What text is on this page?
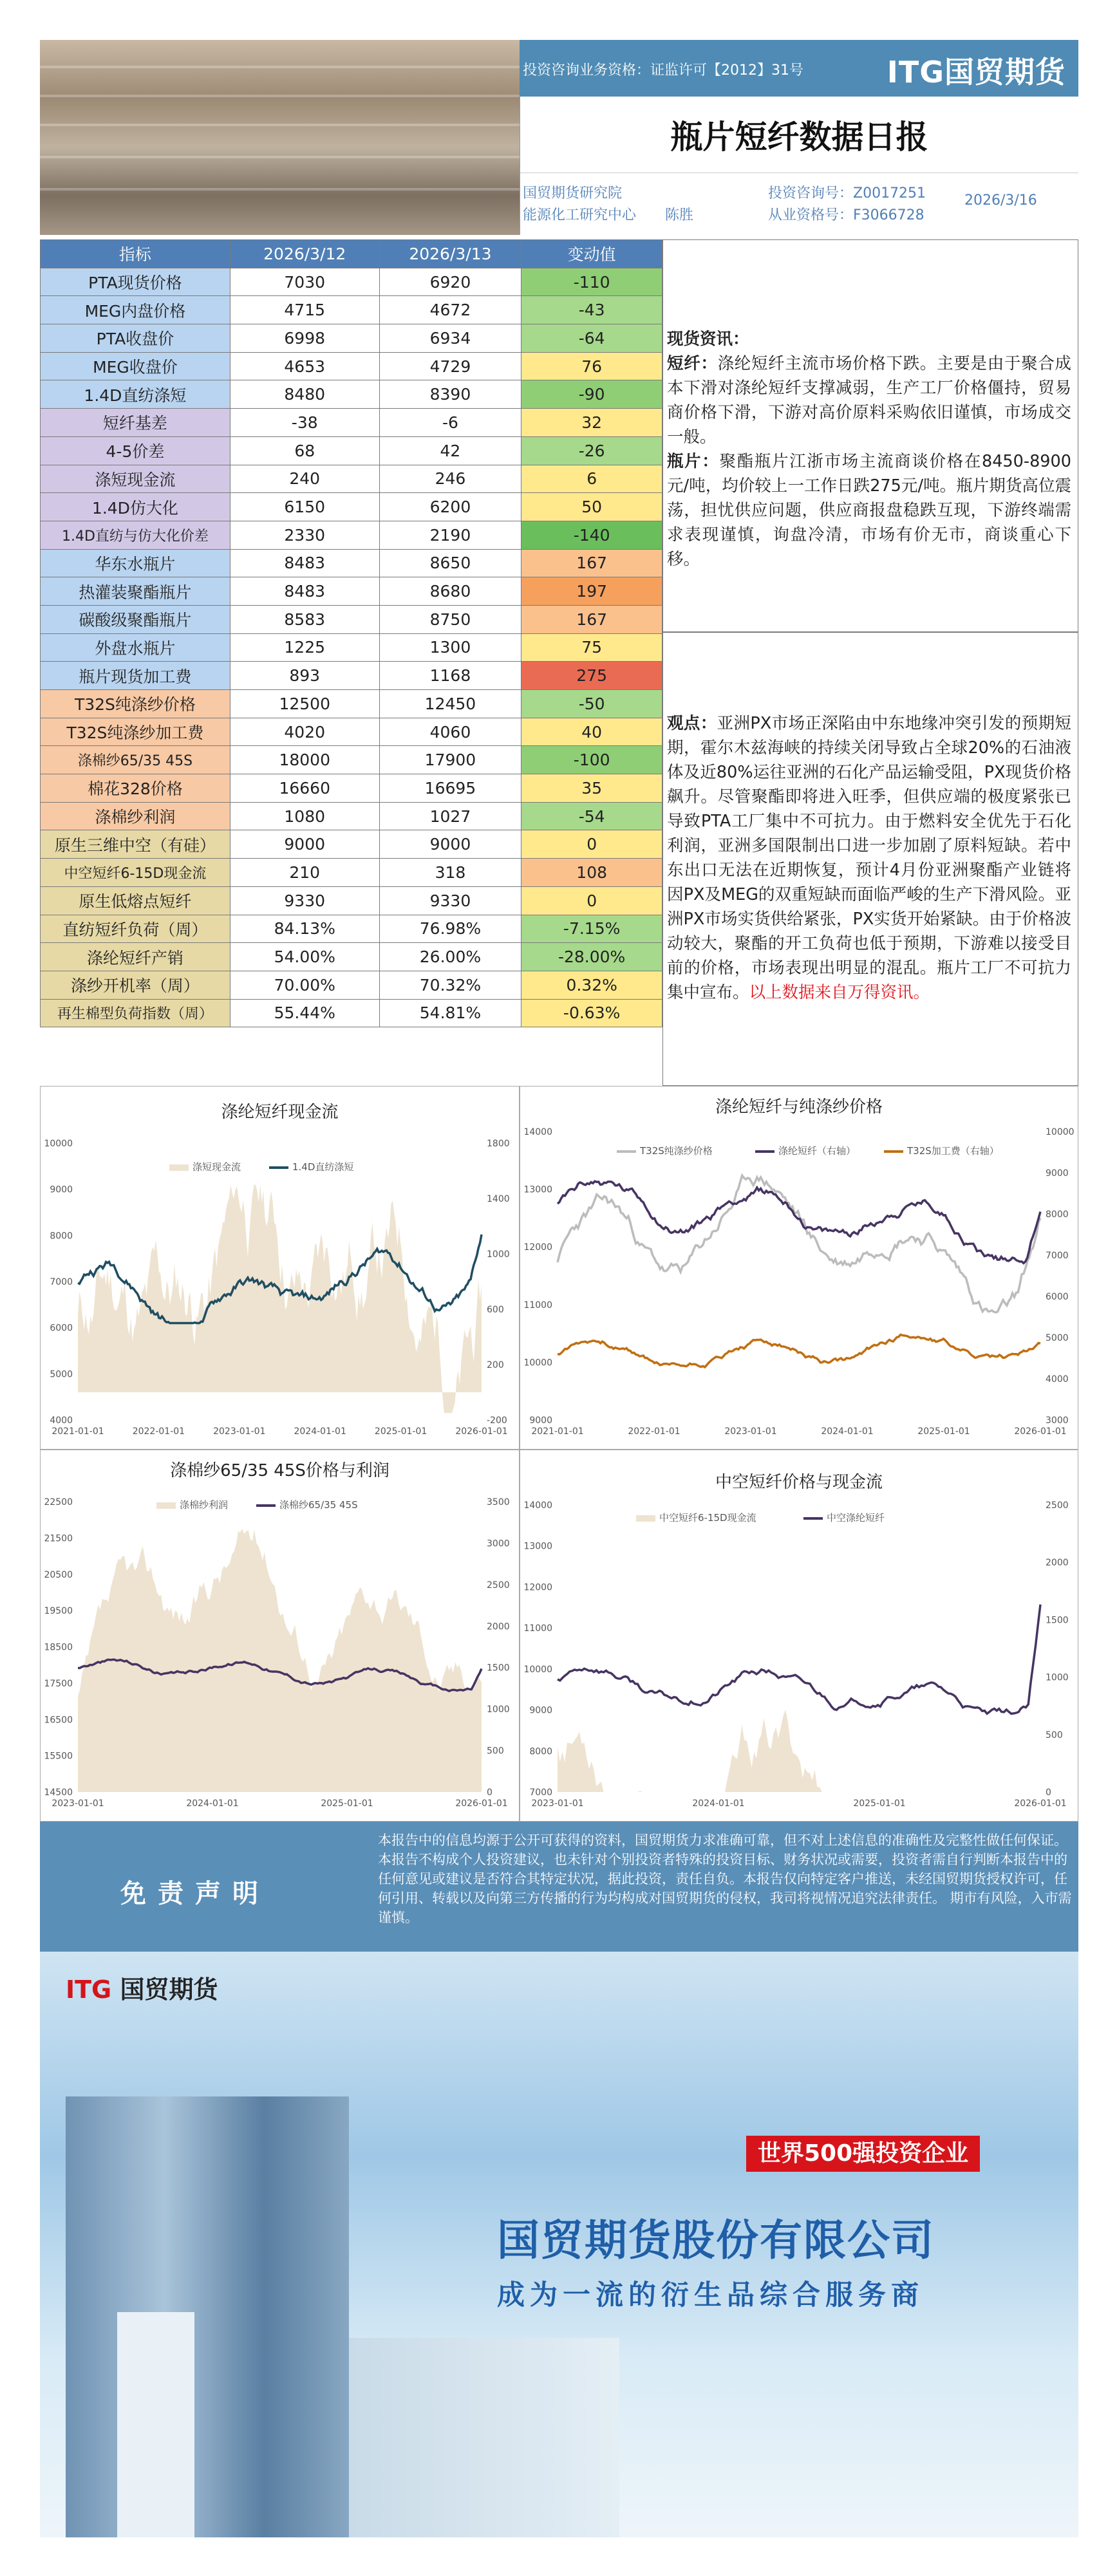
投资咨询业务资格：证监许可【2012】31号	ITG国贸期货
瓶片短纤数据日报
国贸期货研究院
能源化工研究中心 陈胜
投资咨询号：Z0017251
从业资格号：F3066728
2026/3/16
指标	2026/3/12	2026/3/13	变动值
PTA现货价格	7030	6920	-110
MEG内盘价格	4715	4672	-43
PTA收盘价	6998	6934	-64
MEG收盘价	4653	4729	76
1.4D直纺涤短	8480	8390	-90
短纤基差	-38	-6	32
4-5价差	68	42	-26
涤短现金流	240	246	6
1.4D仿大化	6150	6200	50
1.4D直纺与仿大化价差	2330	2190	-140
华东水瓶片	8483	8650	167
热灌装聚酯瓶片	8483	8680	197
碳酸级聚酯瓶片	8583	8750	167
外盘水瓶片	1225	1300	75
瓶片现货加工费	893	1168	275
T32S纯涤纱价格	12500	12450	-50
T32S纯涤纱加工费	4020	4060	40
涤棉纱65/35 45S	18000	17900	-100
棉花328价格	16660	16695	35
涤棉纱利润	1080	1027	-54
原生三维中空（有硅）	9000	9000	0
中空短纤6-15D现金流	210	318	108
原生低熔点短纤	9330	9330	0
直纺短纤负荷（周）	84.13%	76.98%	-7.15%
涤纶短纤产销	54.00%	26.00%	-28.00%
涤纱开机率（周）	70.00%	70.32%	0.32%
再生棉型负荷指数（周）	55.44%	54.81%	-0.63%
现货资讯：
短纤：涤纶短纤主流市场价格下跌。主要是由于聚合成本下滑对涤纶短纤支撑减弱，生产工厂价格僵持，贸易商价格下滑，下游对高价原料采购依旧谨慎，市场成交一般。
瓶片：聚酯瓶片江浙市场主流商谈价格在8450-8900元/吨，均价较上一工作日跌275元/吨。瓶片期货高位震荡，担忧供应问题，供应商报盘稳跌互现，下游终端需求表现谨慎，询盘冷清，市场有价无市，商谈重心下移。
观点：亚洲PX市场正深陷由中东地缘冲突引发的预期短期，霍尔木兹海峡的持续关闭导致占全球20%的石油液体及近80%运往亚洲的石化产品运输受阻，PX现货价格飙升。尽管聚酯即将进入旺季，但供应端的极度紧张已导致PTA工厂集中不可抗力。由于燃料安全优先于石化利润，亚洲多国限制出口进一步加剧了原料短缺。若中东出口无法在近期恢复，预计4月份亚洲聚酯产业链将因PX及MEG的双重短缺而面临严峻的生产下滑风险。亚洲PX市场实货供给紧张，PX实货开始紧缺。由于价格波动较大，聚酯的开工负荷也低于预期，下游难以接受目前的价格，市场表现出明显的混乱。瓶片工厂不可抗力集中宣布。以上数据来自万得资讯。
涤纶短纤现金流
10000
9000
8000
7000
6000
5000
4000
1800
1400
1000
600
200
-200
2021-01-01	2022-01-01	2023-01-01	2024-01-01	2025-01-01	2026-01-01
涤短现金流	1.4D直纺涤短
涤纶短纤与纯涤纱价格
14000
13000
12000
11000
10000
9000
10000
9000
8000
7000
6000
5000
4000
3000
2021-01-01	2022-01-01	2023-01-01	2024-01-01	2025-01-01	2026-01-01
T32S纯涤纱价格	涤纶短纤（右轴）	T32S加工费（右轴）
涤棉纱65/35 45S价格与利润
22500
21500
20500
19500
18500
17500
16500
15500
14500
3500
3000
2500
2000
1500
1000
500
0
2023-01-01	2024-01-01	2025-01-01	2026-01-01
涤棉纱利润	涤棉纱65/35 45S
中空短纤价格与现金流
14000
13000
12000
11000
10000
9000
8000
7000
2500
2000
1500
1000
500
0
2023-01-01	2024-01-01	2025-01-01	2026-01-01
中空短纤6-15D现金流	中空涤纶短纤
免责声明
本报告中的信息均源于公开可获得的资料，国贸期货力求准确可靠，但不对上述信息的准确性及完整性做任何保证。本报告不构成个人投资建议，也未针对个别投资者特殊的投资目标、财务状况或需要，投资者需自行判断本报告中的任何意见或建议是否符合其特定状况，据此投资，责任自负。本报告仅向特定客户推送，未经国贸期货授权许可，任何引用、转载以及向第三方传播的行为均构成对国贸期货的侵权，我司将视情况追究法律责任。 期市有风险，入市需谨慎。
ITG 国贸期货
世界500强投资企业
国贸期货股份有限公司
成为一流的衍生品综合服务商
